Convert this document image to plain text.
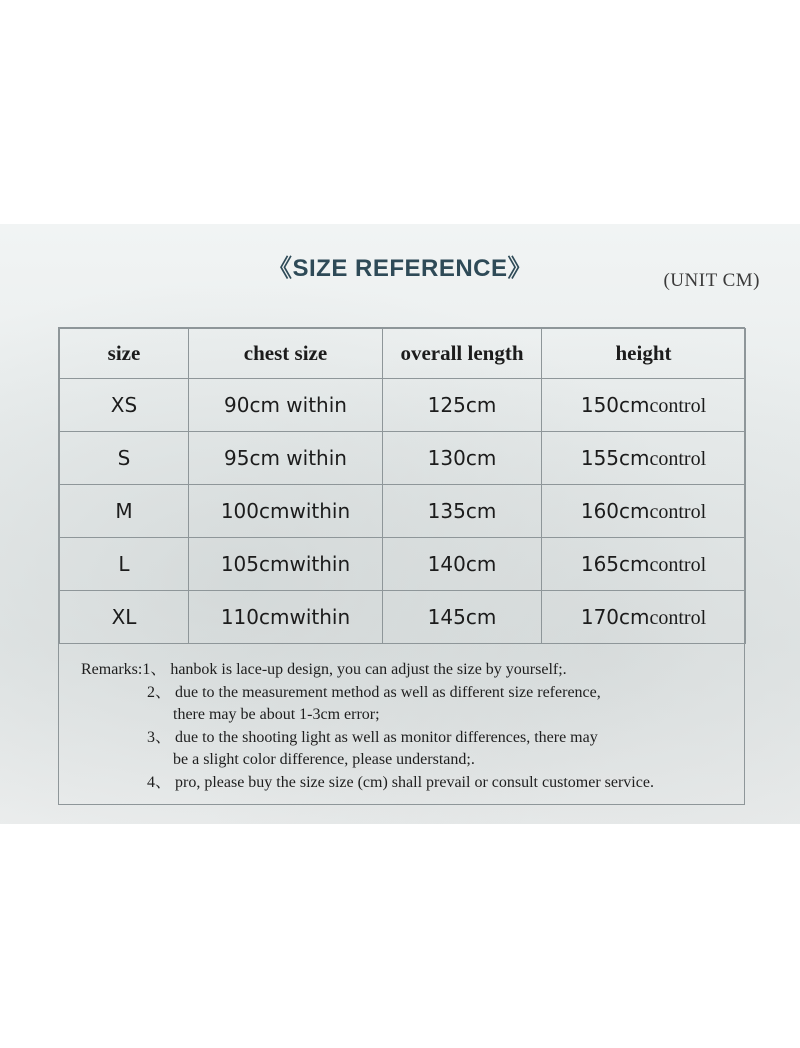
《SIZE REFERENCE》	(UNIT CM)
size	chest size	overall length	height
XS	90cm within	125cm	150cmcontrol
S	95cm within	130cm	155cmcontrol
M	100cmwithin	135cm	160cmcontrol
L	105cmwithin	140cm	165cmcontrol
XL	110cmwithin	145cm	170cmcontrol
Remarks:1、 hanbok is lace-up design, you can adjust the size by yourself;.
2、 due to the measurement method as well as different size reference,
there may be about 1-3cm error;
3、 due to the shooting light as well as monitor differences, there may
be a slight color difference, please understand;.
4、 pro, please buy the size size (cm) shall prevail or consult customer service.
